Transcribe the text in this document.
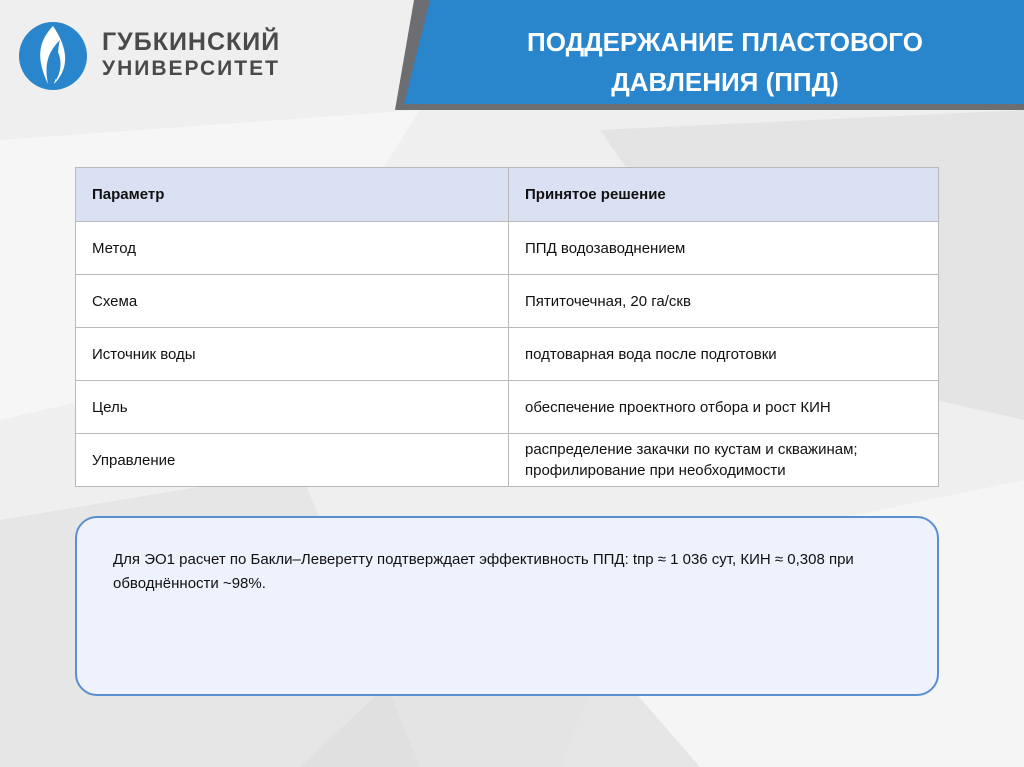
ГУБКИНСКИЙ
УНИВЕРСИТЕТ
ПОДДЕРЖАНИЕ ПЛАСТОВОГО
ДАВЛЕНИЯ (ППД)
Параметр	Принятое решение
Метод	ППД водозаводнением
Схема	Пятиточечная, 20 га/скв
Источник воды	подтоварная вода после подготовки
Цель	обеспечение проектного отбора и рост КИН
Управление	распределение закачки по кустам и скважинам; профилирование при необходимости
Для ЭО1 расчет по Бакли–Леверетту подтверждает эффективность ППД: tпр ≈ 1 036 сут, КИН ≈ 0,308 при обводнённости ~98%.
